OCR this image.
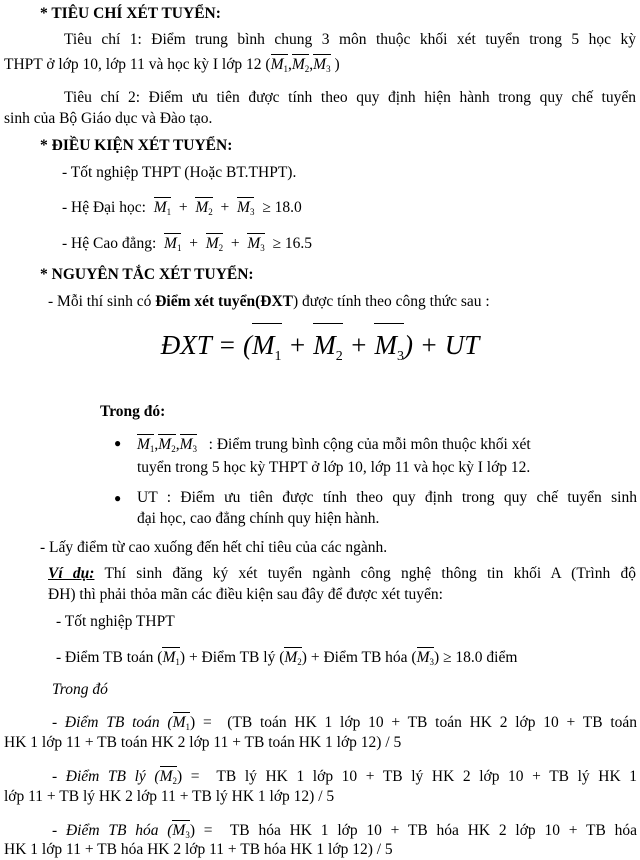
* TIÊU CHÍ XÉT TUYỂN:
Tiêu chí 1: Điểm trung bình chung 3 môn thuộc khối xét tuyển trong 5 học kỳ
THPT ở lớp 10, lớp 11 và học kỳ I lớp 12 ($M_1,M_2,M_3$ )
Tiêu chí 2: Điểm ưu tiên được tính theo quy định hiện hành trong quy chế tuyển
sinh của Bộ Giáo dục và Đào tạo.
* ĐIỀU KIỆN XÉT TUYỂN:
- Tốt nghiệp THPT (Hoặc BT.THPT).
- Hệ Đại học: $M_1 + M_2 + M_3 \ge 18.0$
- Hệ Cao đẳng: $M_1 + M_2 + M_3 \ge 16.5$
* NGUYÊN TẮC XÉT TUYỂN:
- Mỗi thí sinh có Điểm xét tuyển(ĐXT) được tính theo công thức sau :
ĐXT = $(M_1 + M_2 + M_3)$ + UT
Trong đó:
● $M_1,M_2,M_3$ : Điểm trung bình cộng của mỗi môn thuộc khối xét
tuyển trong 5 học kỳ THPT ở lớp 10, lớp 11 và học kỳ I lớp 12.
● UT : Điểm ưu tiên được tính theo quy định trong quy chế tuyển sinh
đại học, cao đẳng chính quy hiện hành.
- Lấy điểm từ cao xuống đến hết chỉ tiêu của các ngành.
Ví dụ: Thí sinh đăng ký xét tuyển ngành công nghệ thông tin khối A (Trình độ
ĐH) thì phải thỏa mãn các điều kiện sau đây để được xét tuyển:
- Tốt nghiệp THPT
- Điểm TB toán $(M_1)$ + Điểm TB lý $(M_2)$ + Điểm TB hóa $(M_3) \ge 18.0$ điểm
Trong đó
- Điểm TB toán $(M_1) = (TB$ toán HK 1 lớp 10 + TB toán HK 2 lớp 10 + TB toán
HK 1 lớp 11 + TB toán HK 2 lớp 11 + TB toán HK 1 lớp 12) / 5
- Điểm TB lý $(M_2)$ = TB lý HK 1 lớp 10 + TB lý HK 2 lớp 10 + TB lý HK 1
lớp 11 + TB lý HK 2 lớp 11 + TB lý HK 1 lớp 12) / 5
- Điểm TB hóa $(M_3)$ = TB hóa HK 1 lớp 10 + TB hóa HK 2 lớp 10 + TB hóa
HK 1 lớp 11 + TB hóa HK 2 lớp 11 + TB hóa HK 1 lớp 12) / 5
